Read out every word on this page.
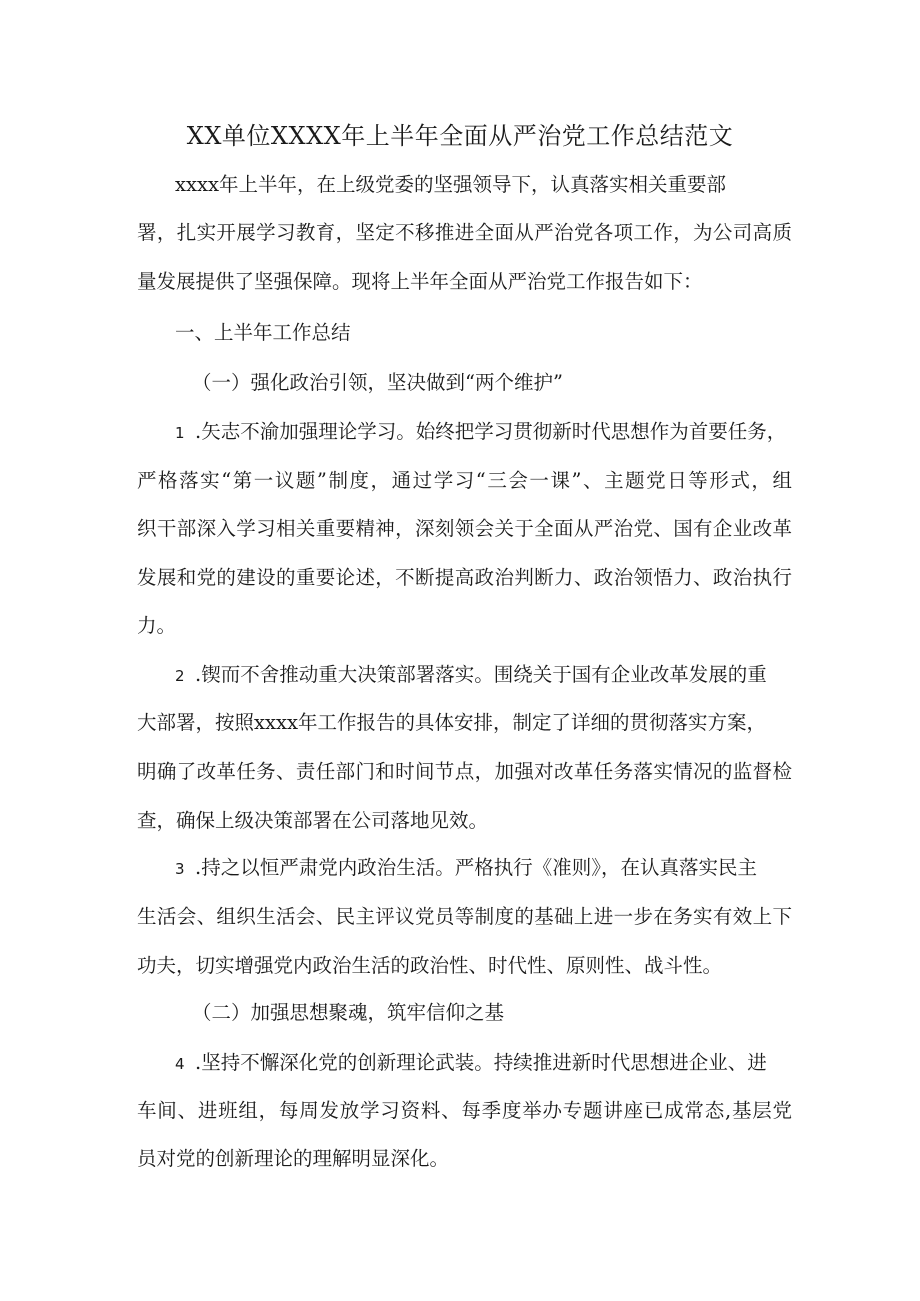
XX单位XXXX年上半年全面从严治党工作总结范文
xxxx年上半年，在上级党委的坚强领导下，认真落实相关重要部
署，扎实开展学习教育，坚定不移推进全面从严治党各项工作，为公司高质
量发展提供了坚强保障。现将上半年全面从严治党工作报告如下：
一、上半年工作总结
（一）强化政治引领，坚决做到“两个维护”
1 .矢志不渝加强理论学习。始终把学习贯彻新时代思想作为首要任务，
严格落实“第一议题”制度，通过学习“三会一课”、主题党日等形式，组
织干部深入学习相关重要精神，深刻领会关于全面从严治党、国有企业改革
发展和党的建设的重要论述，不断提高政治判断力、政治领悟力、政治执行
力。
2 .锲而不舍推动重大决策部署落实。围绕关于国有企业改革发展的重
大部署，按照xxxx年工作报告的具体安排，制定了详细的贯彻落实方案，
明确了改革任务、责任部门和时间节点，加强对改革任务落实情况的监督检
查，确保上级决策部署在公司落地见效。
3 .持之以恒严肃党内政治生活。严格执行《准则》，在认真落实民主
生活会、组织生活会、民主评议党员等制度的基础上进一步在务实有效上下
功夫，切实增强党内政治生活的政治性、时代性、原则性、战斗性。
（二）加强思想聚魂，筑牢信仰之基
4 .坚持不懈深化党的创新理论武装。持续推进新时代思想进企业、进
车间、进班组，每周发放学习资料、每季度举办专题讲座已成常态,基层党
员对党的创新理论的理解明显深化。
